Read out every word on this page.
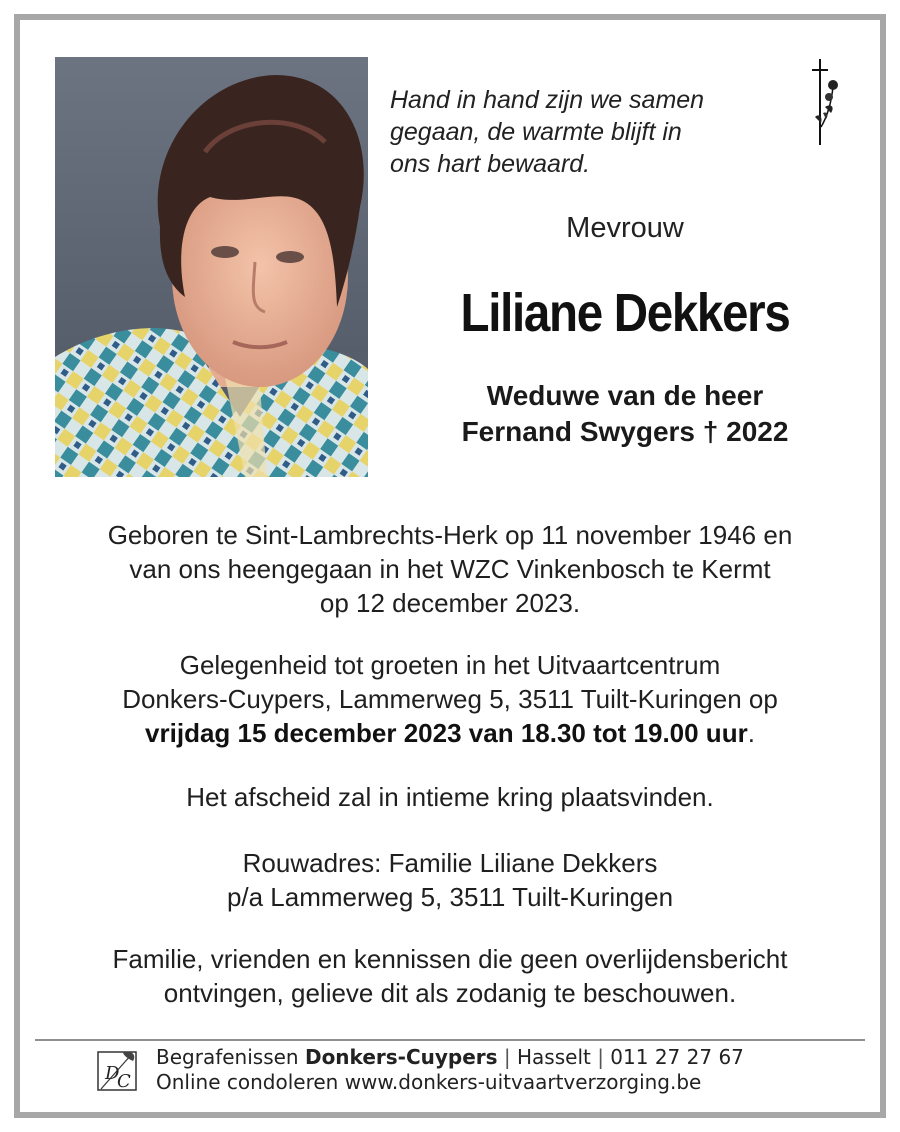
Hand in hand zijn we samen
gegaan, de warmte blijft in
ons hart bewaard.
Mevrouw
Liliane Dekkers
Weduwe van de heer
Fernand Swygers † 2022
Geboren te Sint-Lambrechts-Herk op 11 november 1946 en
van ons heengegaan in het WZC Vinkenbosch te Kermt
op 12 december 2023.
Gelegenheid tot groeten in het Uitvaartcentrum
Donkers-Cuypers, Lammerweg 5, 3511 Tuilt-Kuringen op
vrijdag 15 december 2023 van 18.30 tot 19.00 uur.
Het afscheid zal in intieme kring plaatsvinden.
Rouwadres: Familie Liliane Dekkers
p/a Lammerweg 5, 3511 Tuilt-Kuringen
Familie, vrienden en kennissen die geen overlijdensbericht
ontvingen, gelieve dit als zodanig te beschouwen.
D
C
Begrafenissen Donkers-Cuypers | Hasselt | 011 27 27 67
Online condoleren www.donkers-uitvaartverzorging.be
